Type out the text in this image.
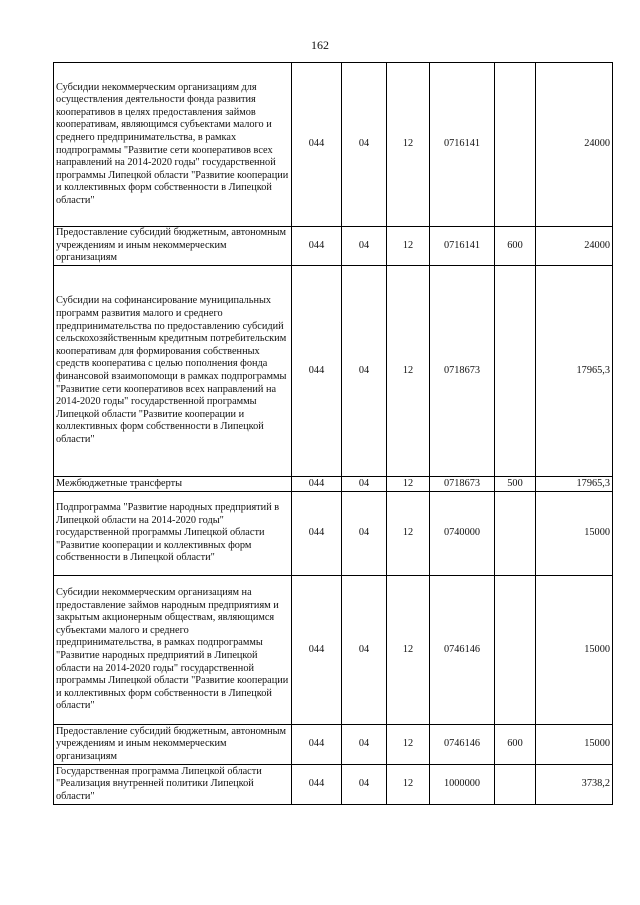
162
Субсидии некоммерческим организациям для осуществления деятельности фонда развития кооперативов в целях предоставления займов кооперативам, являющимся субъектами малого и среднего предпринимательства, в рамках подпрограммы "Развитие сети кооперативов всех направлений на 2014-2020 годы" государственной программы Липецкой области "Развитие кооперации и коллективных форм собственности в Липецкой области"	044	04	12	0716141		24000
Предоставление субсидий бюджетным, автономным учреждениям и иным некоммерческим организациям	044	04	12	0716141	600	24000
Субсидии на софинансирование муниципальных программ развития малого и среднего предпринимательства по предоставлению субсидий сельскохозяйственным кредитным потребительским кооперативам для формирования собственных средств кооператива с целью пополнения фонда финансовой взаимопомощи в рамках подпрограммы "Развитие сети кооперативов всех направлений на 2014-2020 годы" государственной программы Липецкой области "Развитие кооперации и коллективных форм собственности в Липецкой области"	044	04	12	0718673		17965,3
Межбюджетные трансферты	044	04	12	0718673	500	17965,3
Подпрограмма "Развитие народных предприятий в Липецкой области на 2014-2020 годы" государственной программы Липецкой области "Развитие кооперации и коллективных форм собственности в Липецкой области"	044	04	12	0740000		15000
Субсидии некоммерческим организациям на предоставление займов народным предприятиям и закрытым акционерным обществам, являющимся субъектами малого и среднего предпринимательства, в рамках подпрограммы "Развитие народных предприятий в Липецкой области на 2014-2020 годы" государственной программы Липецкой области "Развитие кооперации и коллективных форм собственности в Липецкой области"	044	04	12	0746146		15000
Предоставление субсидий бюджетным, автономным учреждениям и иным некоммерческим организациям	044	04	12	0746146	600	15000
Государственная программа Липецкой области "Реализация внутренней политики Липецкой области"	044	04	12	1000000		3738,2
